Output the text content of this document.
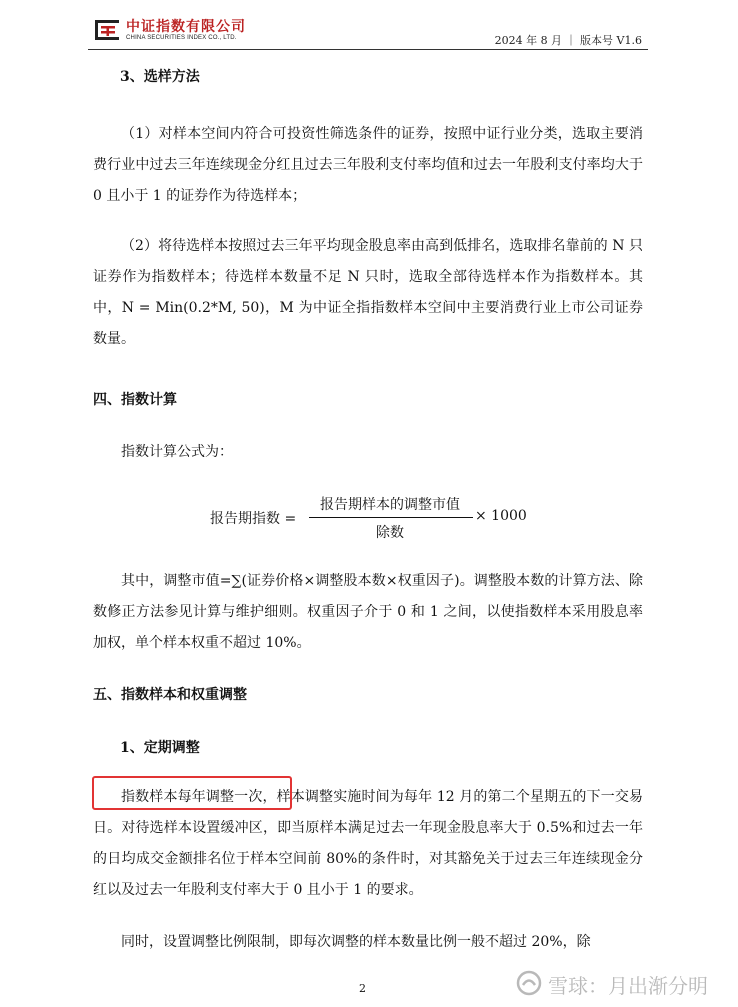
中证指数有限公司
CHINA SECURITIES INDEX CO., LTD.	2024 年 8 月 ｜ 版本号 V1.6
3、选样方法
（1）对样本空间内符合可投资性筛选条件的证券，按照中证行业分类，选取主要消费行业中过去三年连续现金分红且过去三年股利支付率均值和过去一年股利支付率均大于 0 且小于 1 的证券作为待选样本；
（2）将待选样本按照过去三年平均现金股息率由高到低排名，选取排名靠前的 N 只证券作为指数样本；待选样本数量不足 N 只时，选取全部待选样本作为指数样本。其中，N = Min(0.2*M, 50)，M 为中证全指指数样本空间中主要消费行业上市公司证券数量。
四、指数计算
指数计算公式为：
报告期指数 =
报告期样本的调整市值
除数
× 1000
其中，调整市值=∑(证券价格×调整股本数×权重因子)。调整股本数的计算方法、除数修正方法参见计算与维护细则。权重因子介于 0 和 1 之间，以使指数样本采用股息率加权，单个样本权重不超过 10%。
五、指数样本和权重调整
1、定期调整
指数样本每年调整一次，样本调整实施时间为每年 12 月的第二个星期五的下一交易日。对待选样本设置缓冲区，即当原样本满足过去一年现金股息率大于 0.5%和过去一年的日均成交金额排名位于样本空间前 80%的条件时，对其豁免关于过去三年连续现金分红以及过去一年股利支付率大于 0 且小于 1 的要求。
同时，设置调整比例限制，即每次调整的样本数量比例一般不超过 20%，除
2	雪球：月出渐分明
